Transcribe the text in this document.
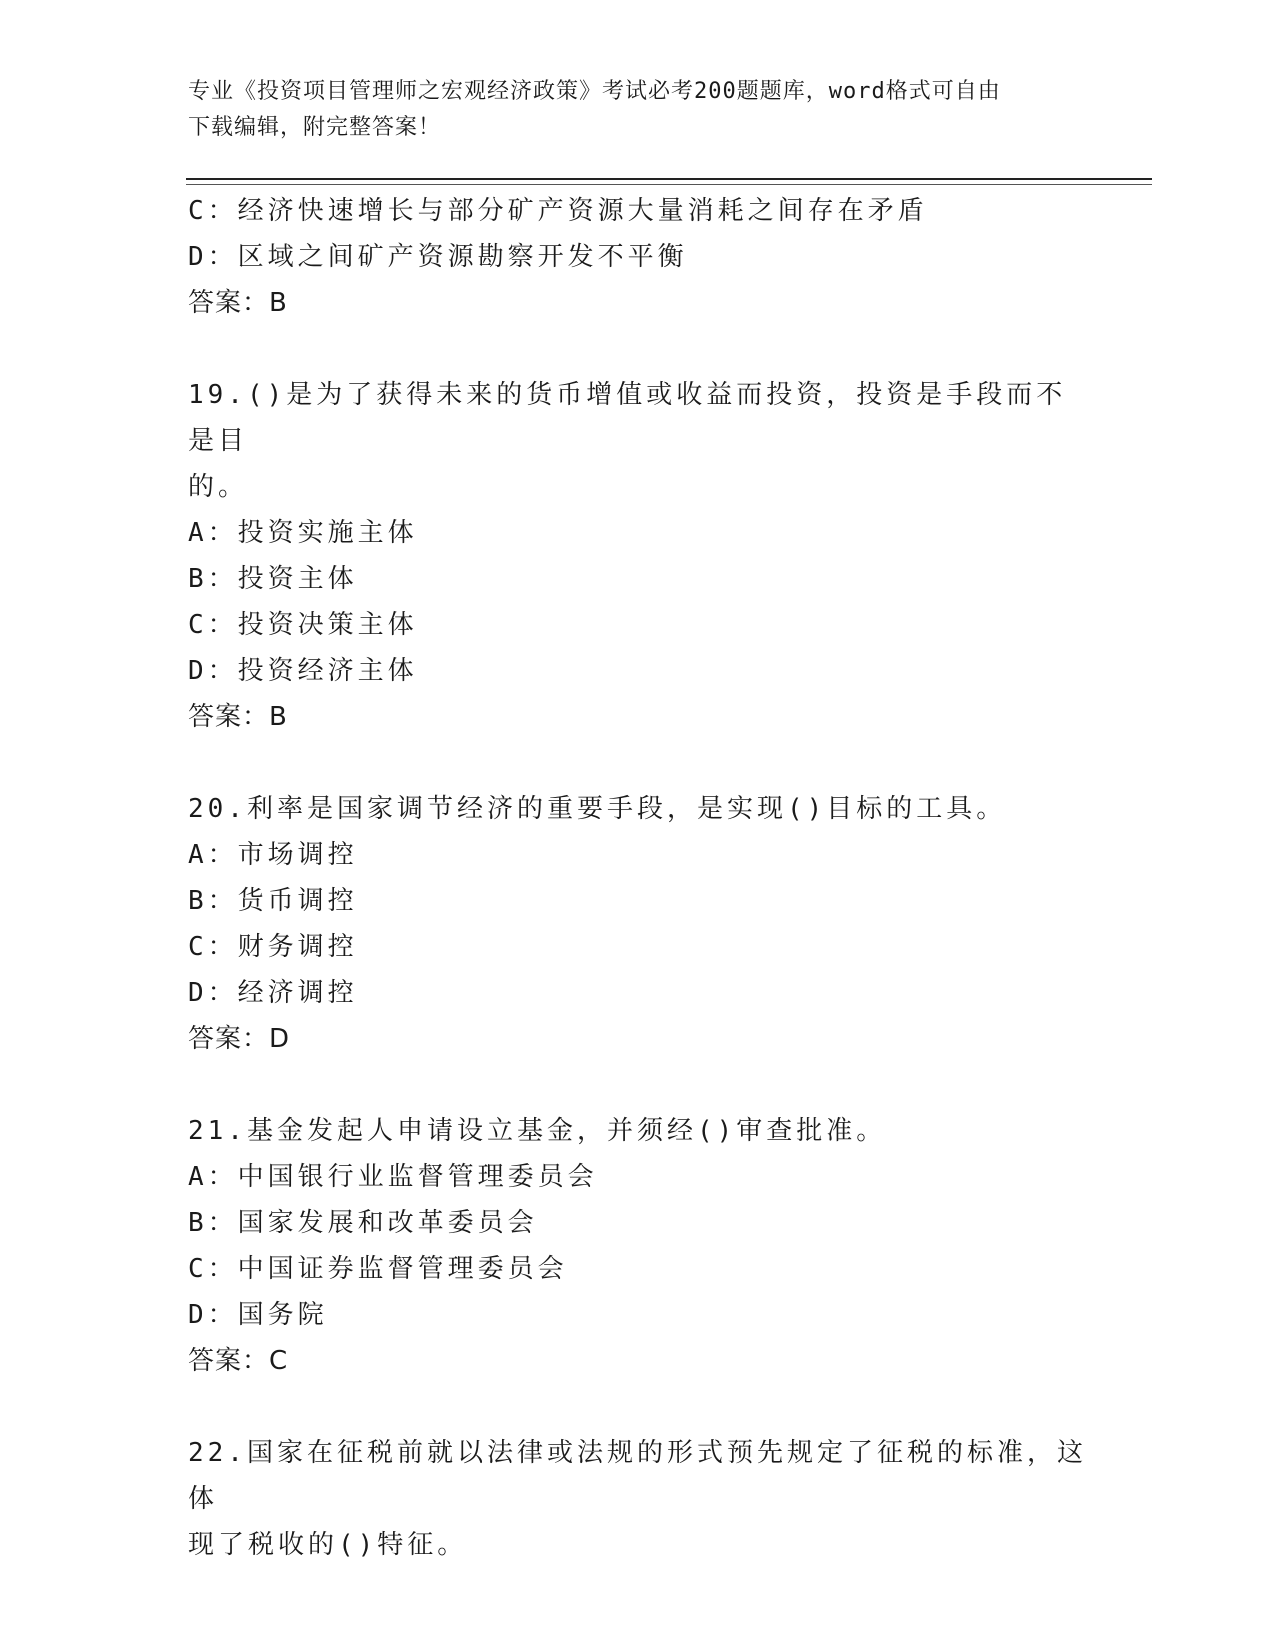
专业《投资项目管理师之宏观经济政策》考试必考200题题库，word格式可自由
下载编辑，附完整答案！
C：经济快速增长与部分矿产资源大量消耗之间存在矛盾
D：区域之间矿产资源勘察开发不平衡
答案：B
19.()是为了获得未来的货币增值或收益而投资，投资是手段而不是目
的。
A：投资实施主体
B：投资主体
C：投资决策主体
D：投资经济主体
答案：B
20.利率是国家调节经济的重要手段，是实现()目标的工具。
A：市场调控
B：货币调控
C：财务调控
D：经济调控
答案：D
21.基金发起人申请设立基金，并须经()审查批准。
A：中国银行业监督管理委员会
B：国家发展和改革委员会
C：中国证券监督管理委员会
D：国务院
答案：C
22.国家在征税前就以法律或法规的形式预先规定了征税的标准，这体
现了税收的()特征。
